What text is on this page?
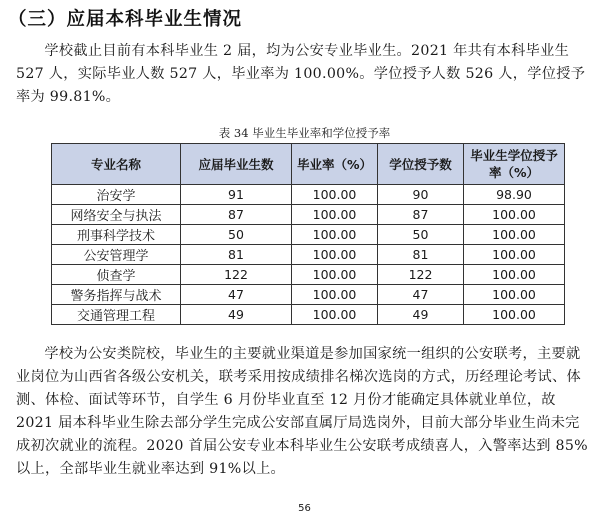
（三）应届本科毕业生情况
学校截止目前有本科毕业生 2 届，均为公安专业毕业生。2021 年共有本科毕业生 527 人，实际毕业人数 527 人，毕业率为 100.00%。学位授予人数 526 人，学位授予率为 99.81%。
表 34 毕业生毕业率和学位授予率
专业名称	应届毕业生数	毕业率（%）	学位授予数	毕业生学位授予率（%）
治安学	91	100.00	90	98.90
网络安全与执法	87	100.00	87	100.00
刑事科学技术	50	100.00	50	100.00
公安管理学	81	100.00	81	100.00
侦查学	122	100.00	122	100.00
警务指挥与战术	47	100.00	47	100.00
交通管理工程	49	100.00	49	100.00
学校为公安类院校，毕业生的主要就业渠道是参加国家统一组织的公安联考，主要就业岗位为山西省各级公安机关，联考采用按成绩排名梯次选岗的方式，历经理论考试、体测、体检、面试等环节，自学生 6 月份毕业直至 12 月份才能确定具体就业单位，故 2021 届本科毕业生除去部分学生完成公安部直属厅局选岗外，目前大部分毕业生尚未完成初次就业的流程。2020 首届公安专业本科毕业生公安联考成绩喜人，入警率达到 85%以上，全部毕业生就业率达到 91%以上。
56
